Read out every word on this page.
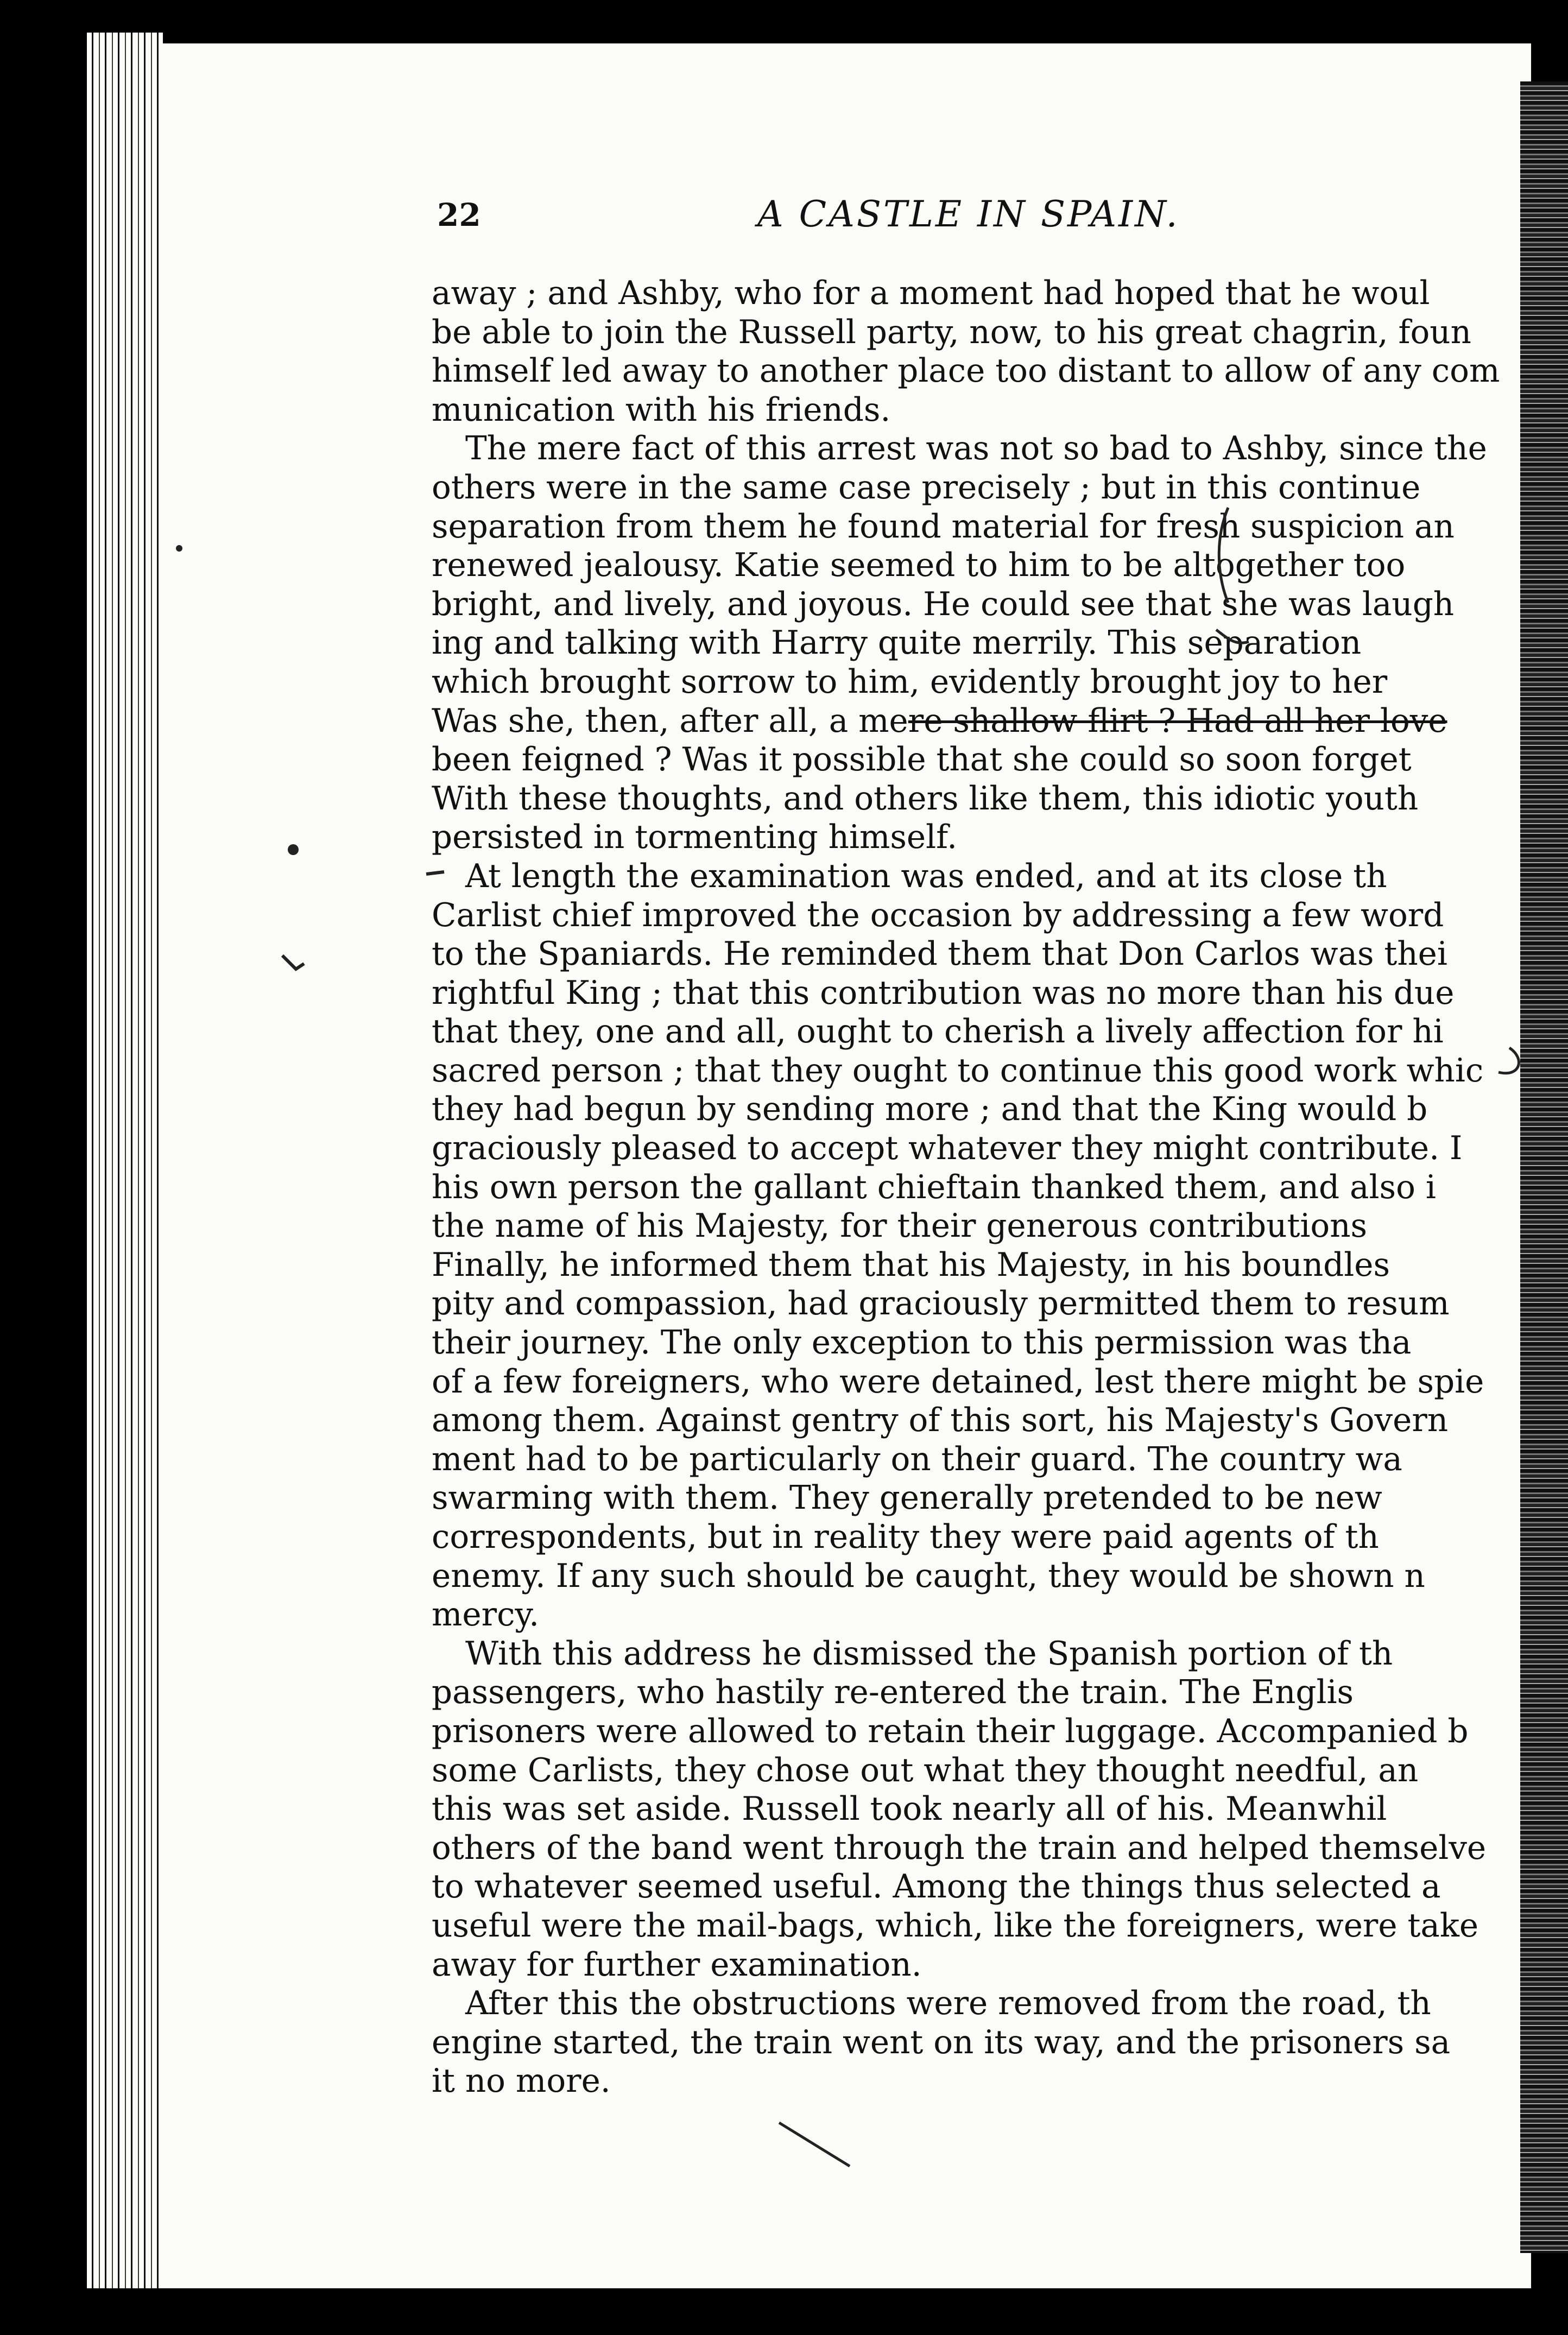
22	A CASTLE IN SPAIN.
away ; and Ashby, who for a moment had hoped that he woul
be able to join the Russell party, now, to his great chagrin, foun
himself led away to another place too distant to allow of any com
munication with his friends.
The mere fact of this arrest was not so bad to Ashby, since the
others were in the same case precisely ; but in this continue
separation from them he found material for fresh suspicion an
renewed jealousy. Katie seemed to him to be altogether too
bright, and lively, and joyous. He could see that she was laugh
ing and talking with Harry quite merrily. This separation
which brought sorrow to him, evidently brought joy to her
Was she, then, after all, a mere shallow flirt ? Had all her love
been feigned ? Was it possible that she could so soon forget
With these thoughts, and others like them, this idiotic youth
persisted in tormenting himself.
At length the examination was ended, and at its close th
Carlist chief improved the occasion by addressing a few word
to the Spaniards. He reminded them that Don Carlos was thei
rightful King ; that this contribution was no more than his due
that they, one and all, ought to cherish a lively affection for hi
sacred person ; that they ought to continue this good work whic
they had begun by sending more ; and that the King would b
graciously pleased to accept whatever they might contribute. I
his own person the gallant chieftain thanked them, and also i
the name of his Majesty, for their generous contributions
Finally, he informed them that his Majesty, in his boundles
pity and compassion, had graciously permitted them to resum
their journey. The only exception to this permission was tha
of a few foreigners, who were detained, lest there might be spie
among them. Against gentry of this sort, his Majesty's Govern
ment had to be particularly on their guard. The country wa
swarming with them. They generally pretended to be new
correspondents, but in reality they were paid agents of th
enemy. If any such should be caught, they would be shown n
mercy.
With this address he dismissed the Spanish portion of th
passengers, who hastily re-entered the train. The Englis
prisoners were allowed to retain their luggage. Accompanied b
some Carlists, they chose out what they thought needful, an
this was set aside. Russell took nearly all of his. Meanwhil
others of the band went through the train and helped themselve
to whatever seemed useful. Among the things thus selected a
useful were the mail-bags, which, like the foreigners, were take
away for further examination.
After this the obstructions were removed from the road, th
engine started, the train went on its way, and the prisoners sa
it no more.
